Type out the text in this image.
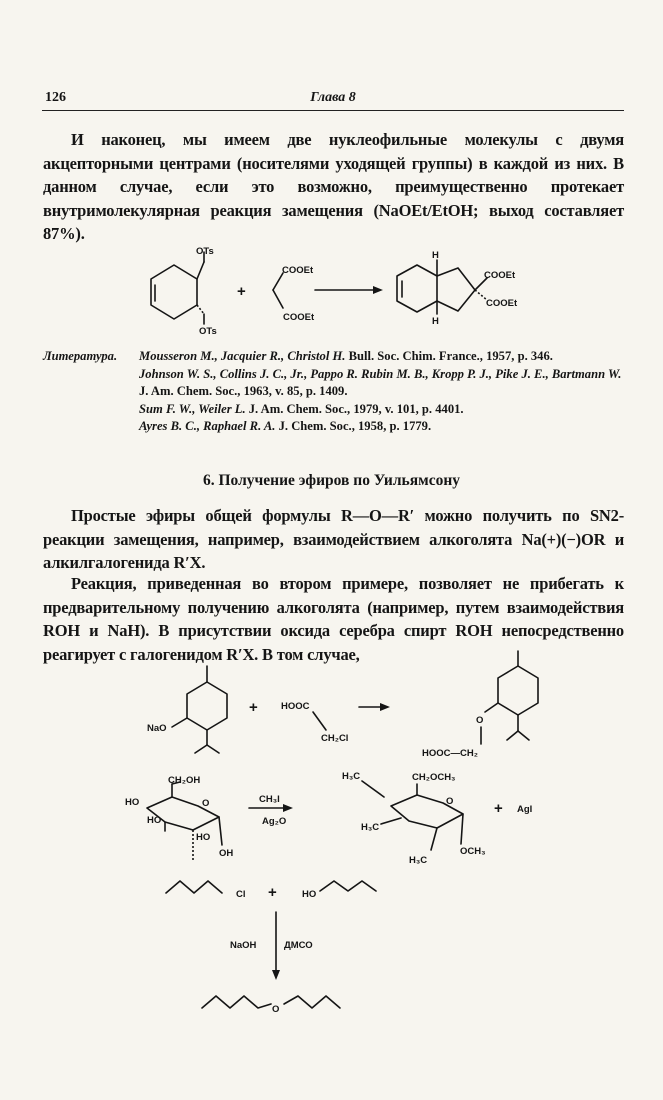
126	Глава 8

И наконец, мы имеем две нуклеофильные молекулы с двумя акцепторными центрами (носителями уходящей группы) в каждой из них. В данном случае, если это возможно, преимущественно протекает внутримолекулярная реакция замещения (NaOEt/EtOH; выход составляет 87%).

OTs
OTs
+
COOEt
COOEt
H
H
COOEt
COOEt
NaO
+ HOOC
CH₂Cl
O
HOOC—CH₂
CH₂OH
O
HO
HO
HO
OH
CH₃I
Ag₂O
CH₂OCH₃
O
H₃C
H₃C
H₃C
OCH₃
+ AgI
Cl +	HO
NaOH	ДМСО
O
Литература. Mousseron M., Jacquier R., Christol H. Bull. Soc. Chim. France., 1957, p. 346.

Johnson W. S., Collins J. C., Jr., Pappo R. Rubin M. B., Kropp P. J., Pike J. E., Bartmann W. J. Am. Chem. Soc., 1963, v. 85, p. 1409.

Sum F. W., Weiler L. J. Am. Chem. Soc., 1979, v. 101, p. 4401.

Ayres B. C., Raphael R. A. J. Chem. Soc., 1958, p. 1779.

6. Получение эфиров по Уильямсону

Простые эфиры общей формулы R—O—R′ можно получить по SN2-реакции замещения, например, взаимодействием алкоголята Na(+)(−)OR и алкилгалогенида R′X.

Реакция, приведенная во втором примере, позволяет не прибегать к предварительному получению алкоголята (например, путем взаимодействия ROH и NaH). В присутствии оксида серебра спирт ROH непосредственно реагирует с галогенидом R′X. В том случае,
